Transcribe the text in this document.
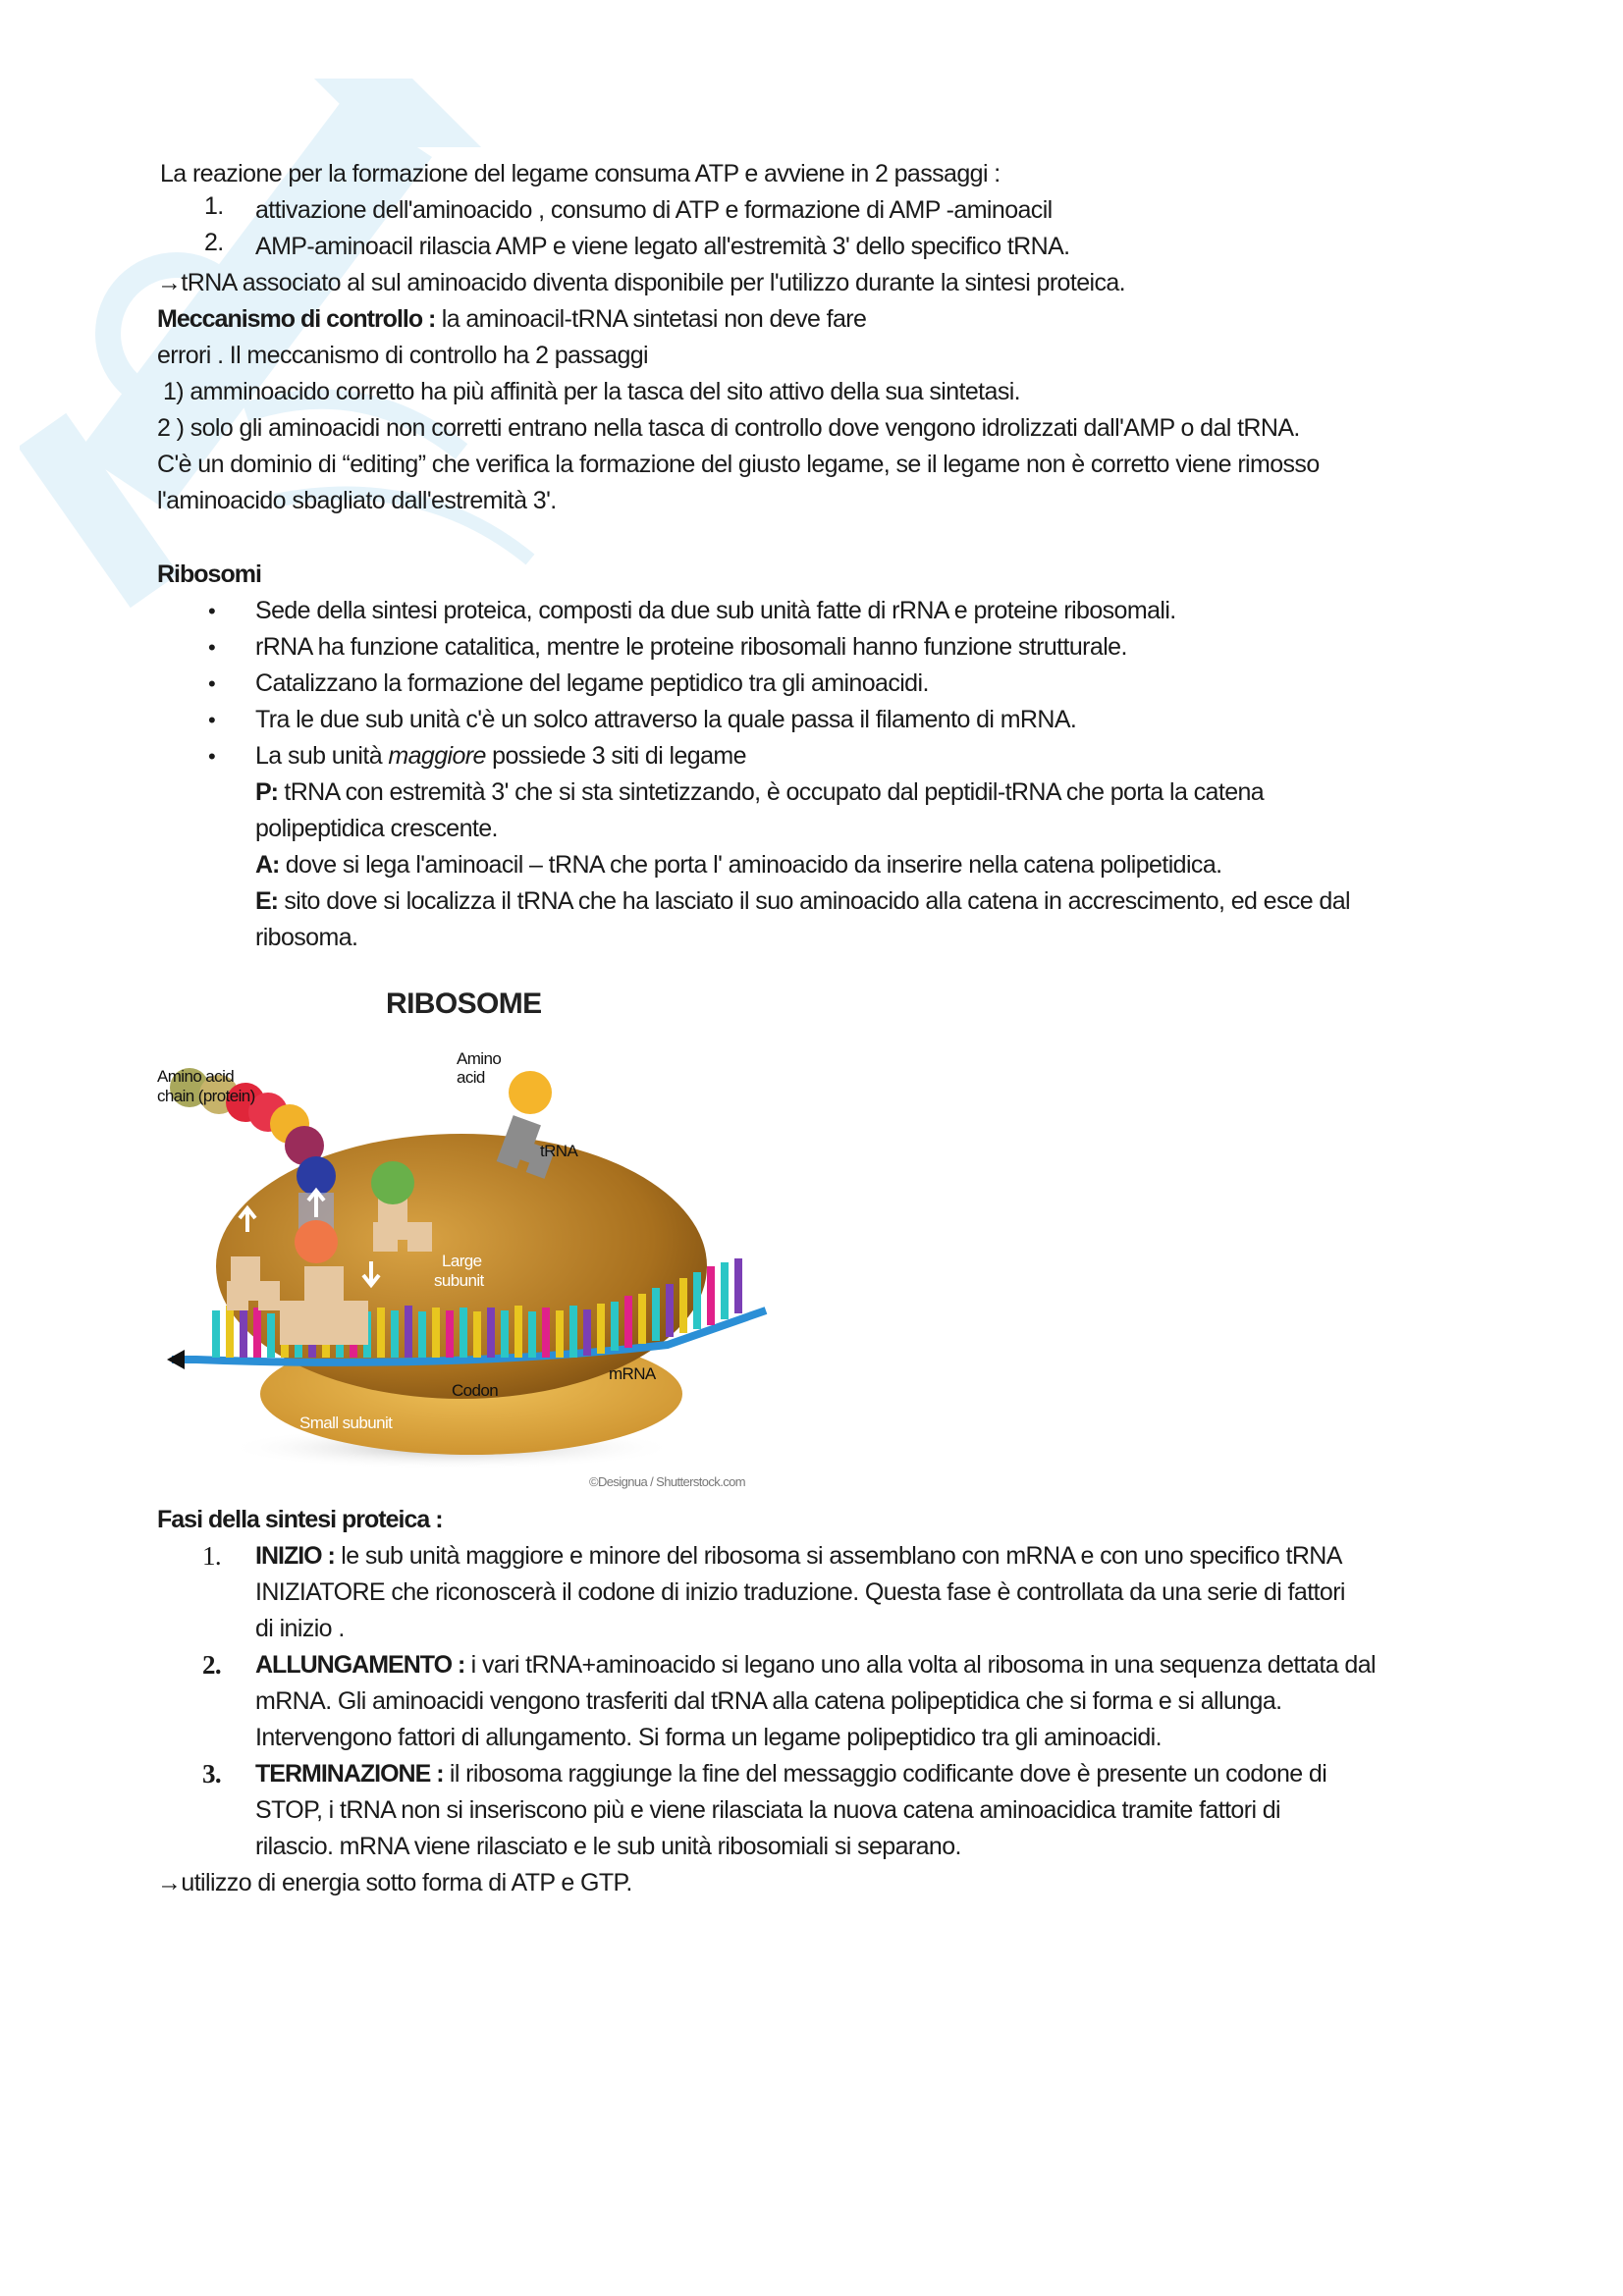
La reazione per la formazione del legame consuma ATP e avviene in 2 passaggi :
1. attivazione dell'aminoacido , consumo di ATP e formazione di AMP -aminoacil
2. AMP-aminoacil rilascia AMP e viene legato all'estremità 3' dello specifico tRNA.
→tRNA associato al sul aminoacido diventa disponibile per l'utilizzo durante la sintesi proteica.
Meccanismo di controllo : la aminoacil-tRNA sintetasi non deve fare
errori . Il meccanismo di controllo ha 2 passaggi
1) amminoacido corretto ha più affinità per la tasca del sito attivo della sua sintetasi.
2 ) solo gli aminoacidi non corretti entrano nella tasca di controllo dove vengono idrolizzati dall'AMP o dal tRNA.
C'è un dominio di “editing” che verifica la formazione del giusto legame, se il legame non è corretto viene rimosso
l'aminoacido sbagliato dall'estremità 3'.
Ribosomi
• Sede della sintesi proteica, composti da due sub unità fatte di rRNA e proteine ribosomali.
• rRNA ha funzione catalitica, mentre le proteine ribosomali hanno funzione strutturale.
• Catalizzano la formazione del legame peptidico tra gli aminoacidi.
• Tra le due sub unità c'è un solco attraverso la quale passa il filamento di mRNA.
• La sub unità maggiore possiede 3 siti di legame
P: tRNA con estremità 3' che si sta sintetizzando, è occupato dal peptidil-tRNA che porta la catena
polipeptidica crescente.
A: dove si lega l'aminoacil – tRNA che porta l' aminoacido da inserire nella catena polipetidica.
E: sito dove si localizza il tRNA che ha lasciato il suo aminoacido alla catena in accrescimento, ed esce dal
ribosoma.
RIBOSOME
Amino acid
chain (protein)
Amino
acid
tRNA
Large
subunit
mRNA
Codon
Small subunit
©Designua / Shutterstock.com
Fasi della sintesi proteica :
1. INIZIO : le sub unità maggiore e minore del ribosoma si assemblano con mRNA e con uno specifico tRNA
INIZIATORE che riconoscerà il codone di inizio traduzione. Questa fase è controllata da una serie di fattori
di inizio .
2. ALLUNGAMENTO : i vari tRNA+aminoacido si legano uno alla volta al ribosoma in una sequenza dettata dal
mRNA. Gli aminoacidi vengono trasferiti dal tRNA alla catena polipeptidica che si forma e si allunga.
Intervengono fattori di allungamento. Si forma un legame polipeptidico tra gli aminoacidi.
3. TERMINAZIONE : il ribosoma raggiunge la fine del messaggio codificante dove è presente un codone di
STOP, i tRNA non si inseriscono più e viene rilasciata la nuova catena aminoacidica tramite fattori di
rilascio. mRNA viene rilasciato e le sub unità ribosomiali si separano.
→utilizzo di energia sotto forma di ATP e GTP.
